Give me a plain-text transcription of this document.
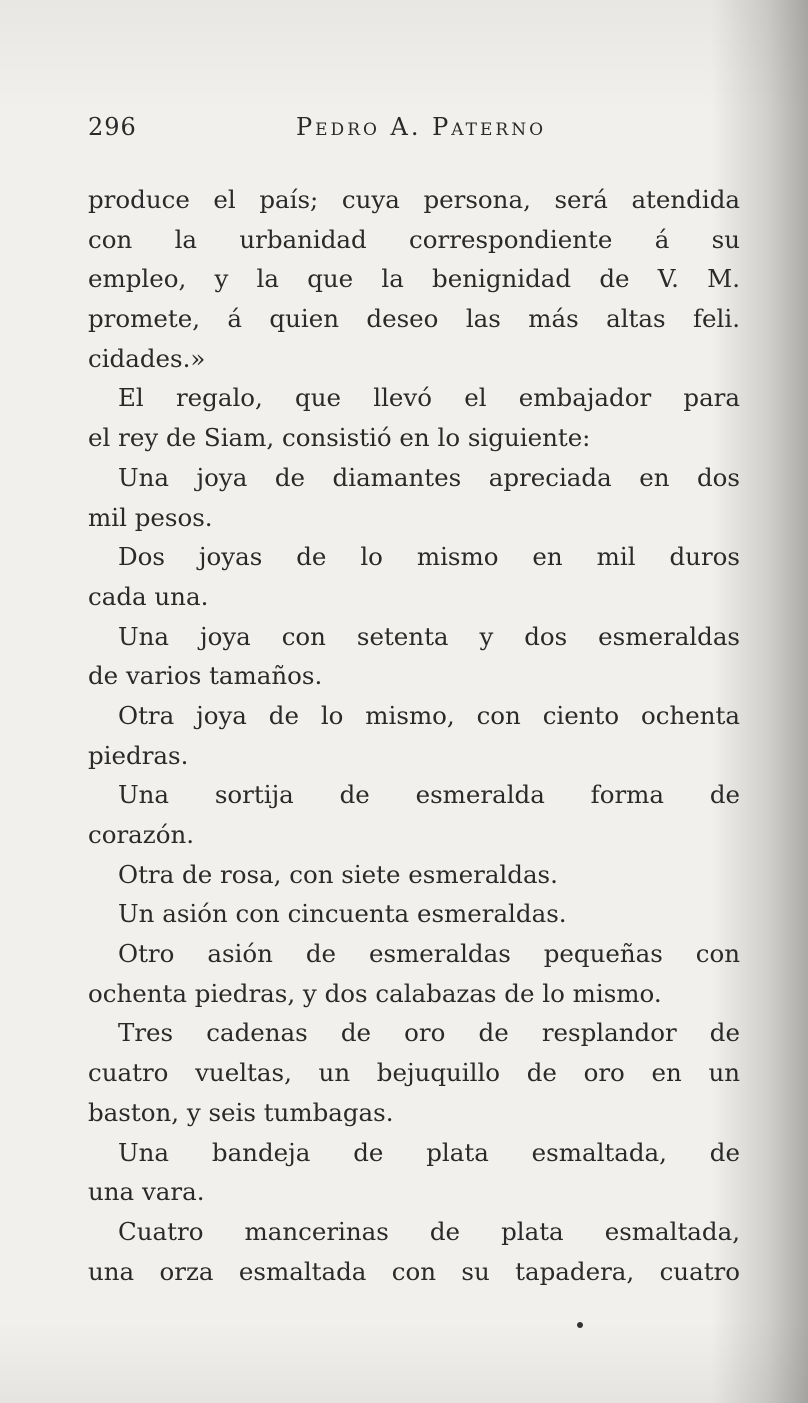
296	Pedro A. Paterno
produce el país; cuya persona, será atendida
con la urbanidad correspondiente á su
empleo, y la que la benignidad de V. M.
promete, á quien deseo las más altas feli.
cidades.»
El regalo, que llevó el embajador para
el rey de Siam, consistió en lo siguiente:
Una joya de diamantes apreciada en dos
mil pesos.
Dos joyas de lo mismo en mil duros
cada una.
Una joya con setenta y dos esmeraldas
de varios tamaños.
Otra joya de lo mismo, con ciento ochenta
piedras.
Una sortija de esmeralda forma de
corazón.
Otra de rosa, con siete esmeraldas.
Un asión con cincuenta esmeraldas.
Otro asión de esmeraldas pequeñas con
ochenta piedras, y dos calabazas de lo mismo.
Tres cadenas de oro de resplandor de
cuatro vueltas, un bejuquillo de oro en un
baston, y seis tumbagas.
Una bandeja de plata esmaltada, de
una vara.
Cuatro mancerinas de plata esmaltada,
una orza esmaltada con su tapadera, cuatro
